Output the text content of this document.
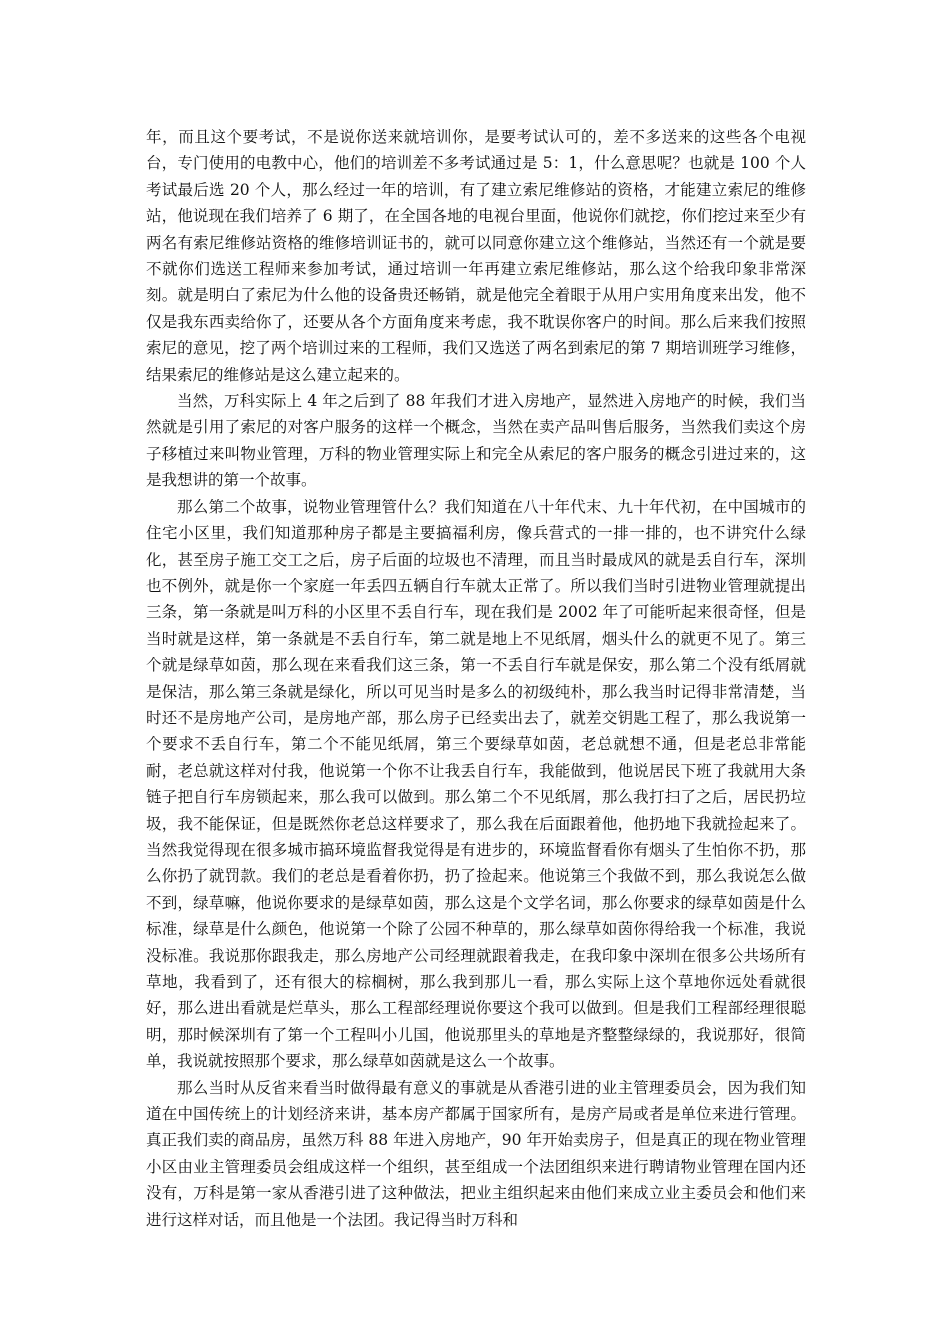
年，而且这个要考试，不是说你送来就培训你，是要考试认可的，差不多送来的这些各个电视台，专门使用的电教中心，他们的培训差不多考试通过是 5：1，什么意思呢？也就是 100 个人考试最后选 20 个人，那么经过一年的培训，有了建立索尼维修站的资格，才能建立索尼的维修站，他说现在我们培养了 6 期了，在全国各地的电视台里面，他说你们就挖，你们挖过来至少有两名有索尼维修站资格的维修培训证书的，就可以同意你建立这个维修站，当然还有一个就是要不就你们选送工程师来参加考试，通过培训一年再建立索尼维修站，那么这个给我印象非常深刻。就是明白了索尼为什么他的设备贵还畅销，就是他完全着眼于从用户实用角度来出发，他不仅是我东西卖给你了，还要从各个方面角度来考虑，我不耽误你客户的时间。那么后来我们按照索尼的意见，挖了两个培训过来的工程师，我们又选送了两名到索尼的第 7 期培训班学习维修，结果索尼的维修站是这么建立起来的。

当然，万科实际上 4 年之后到了 88 年我们才进入房地产，显然进入房地产的时候，我们当然就是引用了索尼的对客户服务的这样一个概念，当然在卖产品叫售后服务，当然我们卖这个房子移植过来叫物业管理，万科的物业管理实际上和完全从索尼的客户服务的概念引进过来的，这是我想讲的第一个故事。

那么第二个故事，说物业管理管什么？我们知道在八十年代末、九十年代初，在中国城市的住宅小区里，我们知道那种房子都是主要搞福利房，像兵营式的一排一排的，也不讲究什么绿化，甚至房子施工交工之后，房子后面的垃圾也不清理，而且当时最成风的就是丢自行车，深圳也不例外，就是你一个家庭一年丢四五辆自行车就太正常了。所以我们当时引进物业管理就提出三条，第一条就是叫万科的小区里不丢自行车，现在我们是 2002 年了可能听起来很奇怪，但是当时就是这样，第一条就是不丢自行车，第二就是地上不见纸屑，烟头什么的就更不见了。第三个就是绿草如茵，那么现在来看我们这三条，第一不丢自行车就是保安，那么第二个没有纸屑就是保洁，那么第三条就是绿化，所以可见当时是多么的初级纯朴，那么我当时记得非常清楚，当时还不是房地产公司，是房地产部，那么房子已经卖出去了，就差交钥匙工程了，那么我说第一个要求不丢自行车，第二个不能见纸屑，第三个要绿草如茵，老总就想不通，但是老总非常能耐，老总就这样对付我，他说第一个你不让我丢自行车，我能做到，他说居民下班了我就用大条链子把自行车房锁起来，那么我可以做到。那么第二个不见纸屑，那么我打扫了之后，居民扔垃圾，我不能保证，但是既然你老总这样要求了，那么我在后面跟着他，他扔地下我就捡起来了。当然我觉得现在很多城市搞环境监督我觉得是有进步的，环境监督看你有烟头了生怕你不扔，那么你扔了就罚款。我们的老总是看着你扔，扔了捡起来。他说第三个我做不到，那么我说怎么做不到，绿草嘛，他说你要求的是绿草如茵，那么这是个文学名词，那么你要求的绿草如茵是什么标准，绿草是什么颜色，他说第一个除了公园不种草的，那么绿草如茵你得给我一个标准，我说没标准。我说那你跟我走，那么房地产公司经理就跟着我走，在我印象中深圳在很多公共场所有草地，我看到了，还有很大的棕榈树，那么我到那儿一看，那么实际上这个草地你远处看就很好，那么进出看就是烂草头，那么工程部经理说你要这个我可以做到。但是我们工程部经理很聪明，那时候深圳有了第一个工程叫小儿国，他说那里头的草地是齐整整绿绿的，我说那好，很简单，我说就按照那个要求，那么绿草如茵就是这么一个故事。

那么当时从反省来看当时做得最有意义的事就是从香港引进的业主管理委员会，因为我们知道在中国传统上的计划经济来讲，基本房产都属于国家所有，是房产局或者是单位来进行管理。真正我们卖的商品房，虽然万科 88 年进入房地产，90 年开始卖房子，但是真正的现在物业管理小区由业主管理委员会组成这样一个组织，甚至组成一个法团组织来进行聘请物业管理在国内还没有，万科是第一家从香港引进了这种做法，把业主组织起来由他们来成立业主委员会和他们来进行这样对话，而且他是一个法团。我记得当时万科和
